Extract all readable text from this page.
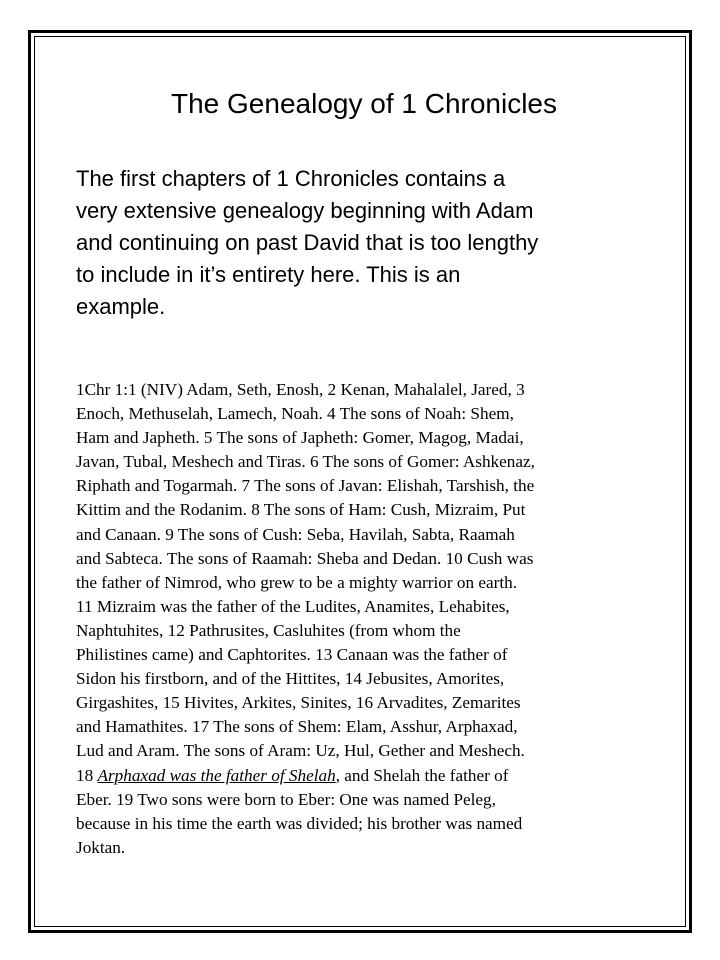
The Genealogy of 1 Chronicles

The first chapters of 1 Chronicles contains a
very extensive genealogy beginning with Adam
and continuing on past David that is too lengthy
to include in it’s entirety here. This is an
example.

1Chr 1:1 (NIV) Adam, Seth, Enosh, 2 Kenan, Mahalalel, Jared, 3
Enoch, Methuselah, Lamech, Noah. 4 The sons of Noah: Shem,
Ham and Japheth. 5 The sons of Japheth: Gomer, Magog, Madai,
Javan, Tubal, Meshech and Tiras. 6 The sons of Gomer: Ashkenaz,
Riphath and Togarmah. 7 The sons of Javan: Elishah, Tarshish, the
Kittim and the Rodanim. 8 The sons of Ham: Cush, Mizraim, Put
and Canaan. 9 The sons of Cush: Seba, Havilah, Sabta, Raamah
and Sabteca. The sons of Raamah: Sheba and Dedan. 10 Cush was
the father of Nimrod, who grew to be a mighty warrior on earth.
11 Mizraim was the father of the Ludites, Anamites, Lehabites,
Naphtuhites, 12 Pathrusites, Casluhites (from whom the
Philistines came) and Caphtorites. 13 Canaan was the father of
Sidon his firstborn, and of the Hittites, 14 Jebusites, Amorites,
Girgashites, 15 Hivites, Arkites, Sinites, 16 Arvadites, Zemarites
and Hamathites. 17 The sons of Shem: Elam, Asshur, Arphaxad,
Lud and Aram. The sons of Aram: Uz, Hul, Gether and Meshech.
18 Arphaxad was the father of Shelah, and Shelah the father of
Eber. 19 Two sons were born to Eber: One was named Peleg,
because in his time the earth was divided; his brother was named
Joktan.
